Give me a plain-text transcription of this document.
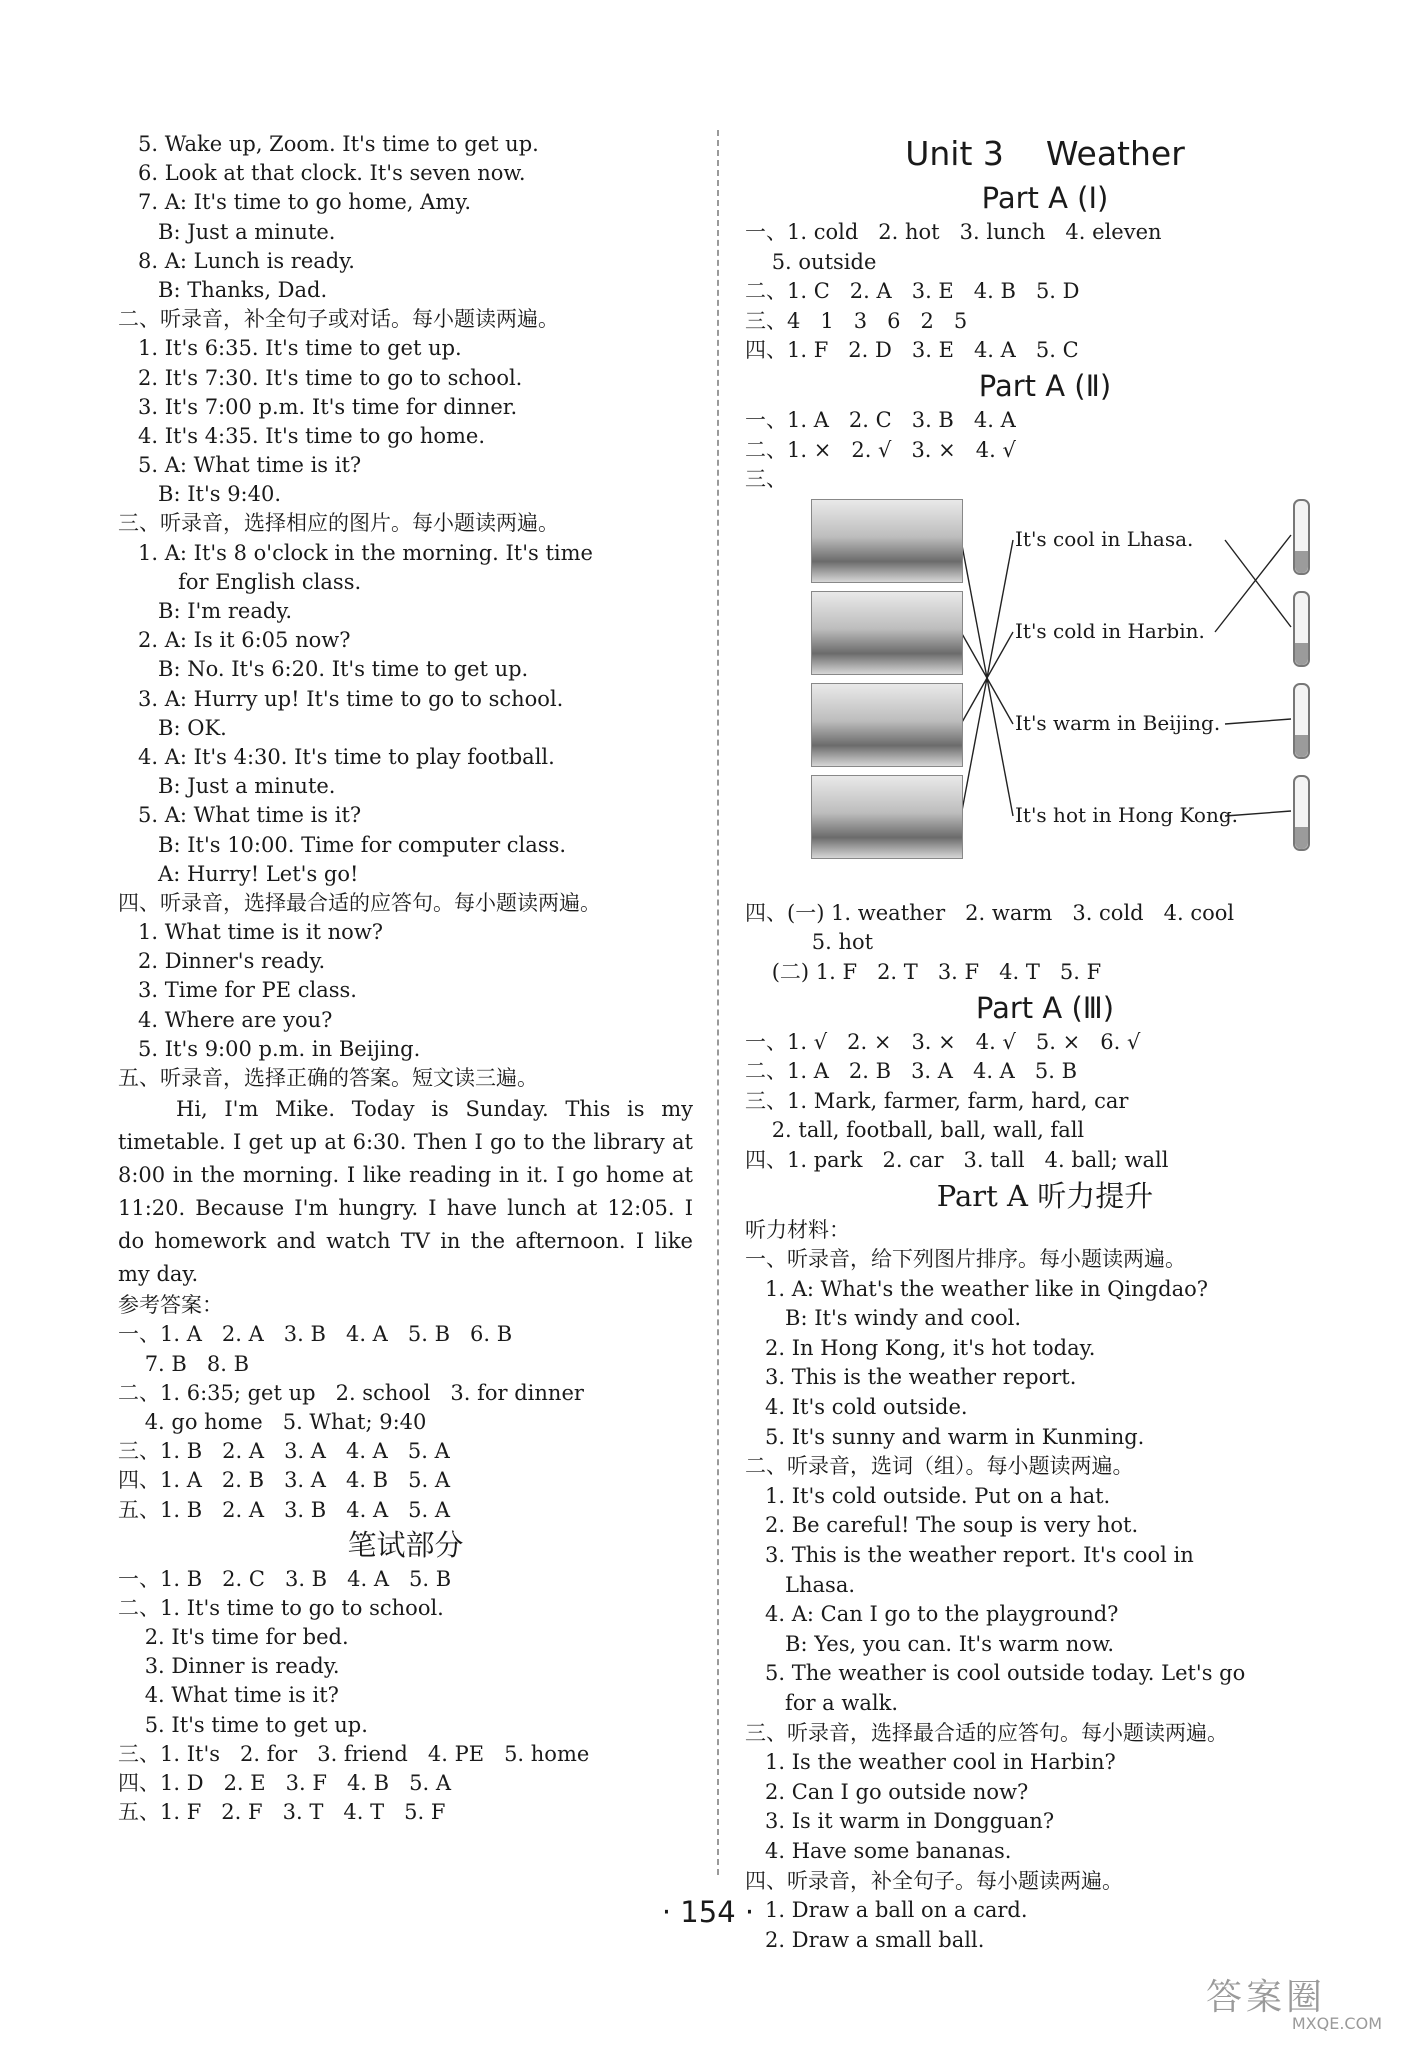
5. Wake up, Zoom. It's time to get up.
6. Look at that clock. It's seven now.
7. A: It's time to go home, Amy.
B: Just a minute.
8. A: Lunch is ready.
B: Thanks, Dad.
二、听录音，补全句子或对话。每小题读两遍。
1. It's 6:35. It's time to get up.
2. It's 7:30. It's time to go to school.
3. It's 7:00 p.m. It's time for dinner.
4. It's 4:35. It's time to go home.
5. A: What time is it?
B: It's 9:40.
三、听录音，选择相应的图片。每小题读两遍。
1. A: It's 8 o'clock in the morning. It's time
for English class.
B: I'm ready.
2. A: Is it 6:05 now?
B: No. It's 6:20. It's time to get up.
3. A: Hurry up! It's time to go to school.
B: OK.
4. A: It's 4:30. It's time to play football.
B: Just a minute.
5. A: What time is it?
B: It's 10:00. Time for computer class.
A: Hurry! Let's go!
四、听录音，选择最合适的应答句。每小题读两遍。
1. What time is it now?
2. Dinner's ready.
3. Time for PE class.
4. Where are you?
5. It's 9:00 p.m. in Beijing.
五、听录音，选择正确的答案。短文读三遍。
Hi, I'm Mike. Today is Sunday. This is my timetable. I get up at 6:30. Then I go to the library at 8:00 in the morning. I like reading in it. I go home at 11:20. Because I'm hungry. I have lunch at 12:05. I do homework and watch TV in the afternoon. I like my day.
参考答案：
一、1. A   2. A   3. B   4. A   5. B   6. B
7. B   8. B
二、1. 6:35; get up   2. school   3. for dinner
4. go home   5. What; 9:40
三、1. B   2. A   3. A   4. A   5. A
四、1. A   2. B   3. A   4. B   5. A
五、1. B   2. A   3. B   4. A   5. A
笔试部分
一、1. B   2. C   3. B   4. A   5. B
二、1. It's time to go to school.
2. It's time for bed.
3. Dinner is ready.
4. What time is it?
5. It's time to get up.
三、1. It's   2. for   3. friend   4. PE   5. home
四、1. D   2. E   3. F   4. B   5. A
五、1. F   2. F   3. T   4. T   5. F
Unit 3    Weather
Part A (Ⅰ)
一、1. cold   2. hot   3. lunch   4. eleven
5. outside
二、1. C   2. A   3. E   4. B   5. D
三、4   1   3   6   2   5
四、1. F   2. D   3. E   4. A   5. C
Part A (Ⅱ)
一、1. A   2. C   3. B   4. A
二、1. ×   2. √   3. ×   4. √
三、
It's cool in Lhasa.
It's cold in Harbin.
It's warm in Beijing.
It's hot in Hong Kong.
四、(一) 1. weather   2. warm   3. cold   4. cool
5. hot
(二) 1. F   2. T   3. F   4. T   5. F
Part A (Ⅲ)
一、1. √   2. ×   3. ×   4. √   5. ×   6. √
二、1. A   2. B   3. A   4. A   5. B
三、1. Mark, farmer, farm, hard, car
2. tall, football, ball, wall, fall
四、1. park   2. car   3. tall   4. ball; wall
Part A 听力提升
听力材料：
一、听录音，给下列图片排序。每小题读两遍。
1. A: What's the weather like in Qingdao?
B: It's windy and cool.
2. In Hong Kong, it's hot today.
3. This is the weather report.
4. It's cold outside.
5. It's sunny and warm in Kunming.
二、听录音，选词（组）。每小题读两遍。
1. It's cold outside. Put on a hat.
2. Be careful! The soup is very hot.
3. This is the weather report. It's cool in
Lhasa.
4. A: Can I go to the playground?
B: Yes, you can. It's warm now.
5. The weather is cool outside today. Let's go
for a walk.
三、听录音，选择最合适的应答句。每小题读两遍。
1. Is the weather cool in Harbin?
2. Can I go outside now?
3. Is it warm in Dongguan?
4. Have some bananas.
四、听录音，补全句子。每小题读两遍。
1. Draw a ball on a card.
2. Draw a small ball.
· 154 ·
答案圈
MXQE.COM
